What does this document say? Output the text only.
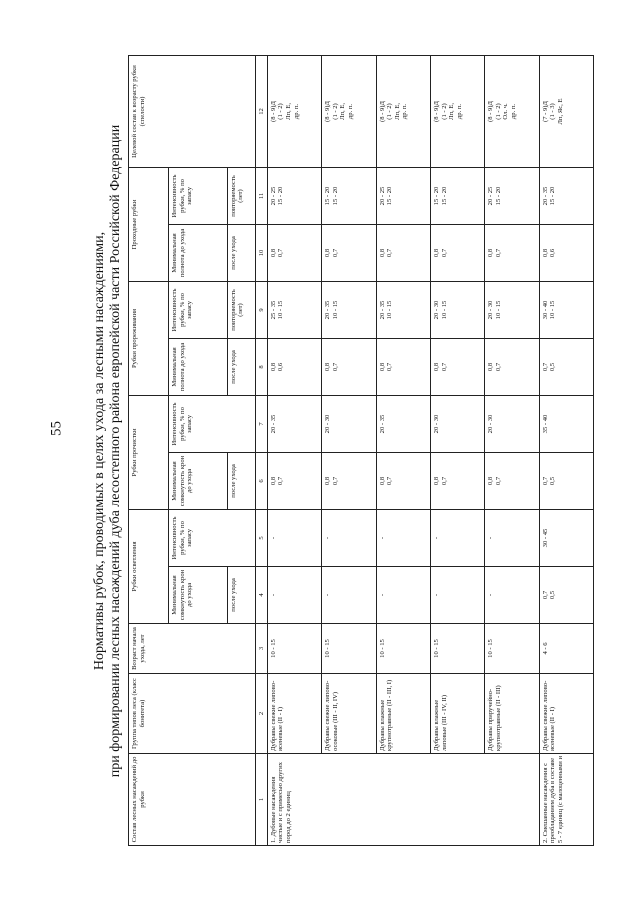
55 Нормативы рубок, проводимых в целях ухода за лесными насаждениями, при формировании лесных насаждений дуба лесостепного района европейской части Российской Федерации
Состав лесных насаждений до рубки	Группа типов леса (класс бонитета)	Возраст начала ухода, лет	Рубки осветления		Рубки прочистки		Рубки прореживания		Проходные рубки		Целевой состав к возрасту рубки (спелости)
			Минимальная сомкнутость крон до ухода	Интенсивность рубки, % по запасу	Минимальная сомкнутость крон до ухода	Интенсивность рубки, % по запасу	Минимальная полнота до ухода	Интенсивность рубки, % по запасу	Минимальная полнота до ухода	Интенсивность рубки, % по запасу	
			после ухода		после ухода		после ухода	повторяемость (лет)	после ухода	повторяемость (лет)	
1	2	3	4	5	6	7	8	9	10	11	12
1. Дубовые насаждения чистые и с примесью других пород до 2 единиц	Дубравы свежие липово-ясеневые (II - I)	10 - 15	-	-	0,8 0,7	20 - 35	0,8 0,6	25 - 35 10 - 15	0,8 0,7	20 - 25 15 - 20	(8 - 9)Д (1 - 2) Лп, Е, др. п.

	Дубравы свежие липово-осоковые (III - II, IV)	10 - 15	-	-	0,8 0,7	20 - 30	0,8 0,7	20 - 35 10 - 15	0,8 0,7	15 - 20 15 - 20	(8 - 9)Д (1 - 2) Лп, Е, др. п.

	Дубравы влажные крупнотравные (II - III, I)	10 - 15	-	-	0,8 0,7	20 - 35	0,8 0,7	20 - 35 10 - 15	0,8 0,7	20 - 25 15 - 20	(8 - 9)Д (1 - 2) Лп, Е, др. п.

	Дубравы влажные липовые (III - IV, II)	10 - 15	-	-	0,8 0,7	20 - 30	0,8 0,7	20 - 30 10 - 15	0,8 0,7	15 - 20 15 - 20	(8 - 9)Д (1 - 2) Лп, Е, др. п.

	Дубравы приручейно-крупнотравные (II - III)	10 - 15	-	-	0,8 0,7	20 - 30	0,8 0,7	20 - 30 10 - 15	0,8 0,7	20 - 25 15 - 20	(8 - 9)Д (1 - 2) Ол. ч. др. п.

2. Смешанные насаждения с преобладанием дуба в составе 5 - 7 единиц (с малоценными и	Дубравы свежие липово-ясеневые (II - I)	4 - 6	0,7 0,5	30 - 45	0,7 0,5	35 - 40	0,7 0,5	30 - 40 10 - 15	0,8 0,6	20 - 35 15 - 20	(7 - 9)Д (1 - 3) Лп, Яс, Е
